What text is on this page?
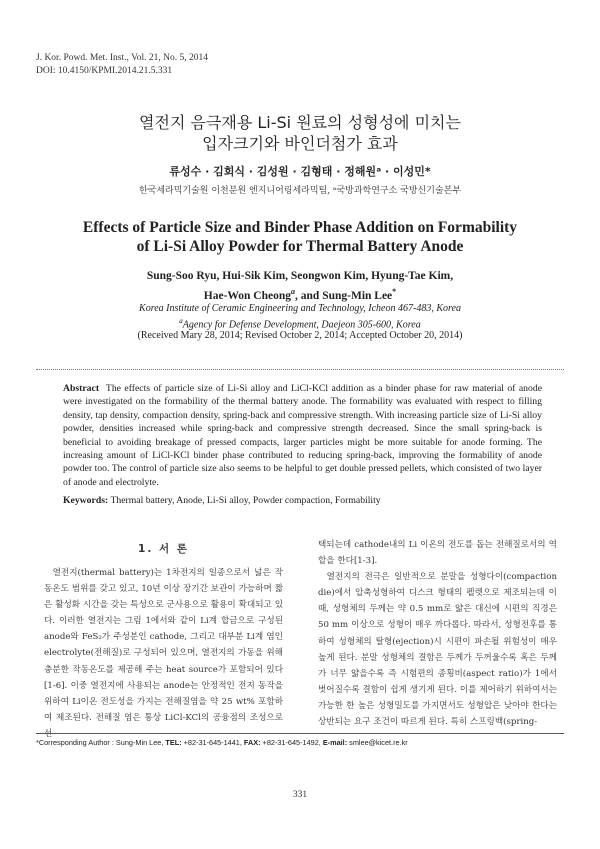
J. Kor. Powd. Met. Inst., Vol. 21, No. 5, 2014
DOI: 10.4150/KPMI.2014.21.5.331
열전지 음극재용 Li-Si 원료의 성형성에 미치는
입자크기와 바인더첨가 효과
류성수 · 김회식 · 김성원 · 김형태 · 정해원ᵃ · 이성민*
한국세라믹기술원 이천분원 엔지니어링세라믹팀, ᵃ국방과학연구소 국방신기술본부
Effects of Particle Size and Binder Phase Addition on Formability
of Li-Si Alloy Powder for Thermal Battery Anode
Sung-Soo Ryu, Hui-Sik Kim, Seongwon Kim, Hyung-Tae Kim,
Hae-Won Cheong$^a$, and Sung-Min Lee*
Korea Institute of Ceramic Engineering and Technology, Icheon 467-483, Korea
$^a$Agency for Defense Development, Daejeon 305-600, Korea
(Received Mary 28, 2014; Revised October 2, 2014; Accepted October 20, 2014)
Abstract The effects of particle size of Li-Si alloy and LiCl-KCl addition as a binder phase for raw material of anode were investigated on the formability of the thermal battery anode. The formability was evaluated with respect to filling density, tap density, compaction density, spring-back and compressive strength. With increasing particle size of Li-Si alloy powder, densities increased while spring-back and compressive strength decreased. Since the small spring-back is beneficial to avoiding breakage of pressed compacts, larger particles might be more suitable for anode forming. The increasing amount of LiCl-KCl binder phase contributed to reducing spring-back, improving the formability of anode powder too. The control of particle size also seems to be helpful to get double pressed pellets, which consisted of two layer of anode and electrolyte.
Keywords: Thermal battery, Anode, Li-Si alloy, Powder compaction, Formability
1. 서 론

열전지(thermal battery)는 1차전지의 일종으로서 넓은 작동온도 범위를 갖고 있고, 10년 이상 장기간 보관이 가능하며 짧은 활성화 시간을 갖는 특성으로 군사용으로 활용이 확대되고 있다. 이러한 열전지는 그림 1에서와 같이 Li계 합금으로 구성된 anode와 FeS₂가 주성분인 cathode, 그리고 대부분 Li계 염인 electrolyte(전해질)로 구성되어 있으며, 열전지의 가동을 위해 충분한 작동온도를 제공해 주는 heat source가 포함되어 있다[1-6]. 이중 열전지에 사용되는 anode는 안정적인 전지 동작을 위하여 Li이온 전도성을 가지는 전해질염을 약 25 wt% 포함하여 제조된다. 전해질 염은 통상 LiCl-KCl의 공융점의 조성으로 선

택되는데 cathode내의 Li 이온의 전도를 돕는 전해질로서의 역할을 한다[1-3].

열전지의 전극은 일반적으로 분말을 성형다이(compaction die)에서 압축성형하여 디스크 형태의 펠렛으로 제조되는데 이 때, 성형체의 두께는 약 0.5 mm로 얇은 대신에 시편의 직경은 50 mm 이상으로 성형이 매우 까다롭다. 따라서, 성형전후를 통하여 성형체의 탈형(ejection)시 시편이 파손될 위험성이 매우 높게 된다. 분말 성형체의 결함은 두께가 두꺼울수록 혹은 두께가 너무 얇을수록 즉 시험편의 종횡비(aspect ratio)가 1에서 벗어질수록 결함이 쉽게 생기게 된다. 이를 제어하기 위하여서는 가능한 한 높은 성형밀도를 가지면서도 성형압은 낮아야 한다는 상반되는 요구 조건이 따르게 된다. 특히 스프링백(spring-

*Corresponding Author : Sung-Min Lee, TEL: +82-31-645-1441, FAX: +82-31-645-1492, E-mail: smlee@kicet.re.kr
331
